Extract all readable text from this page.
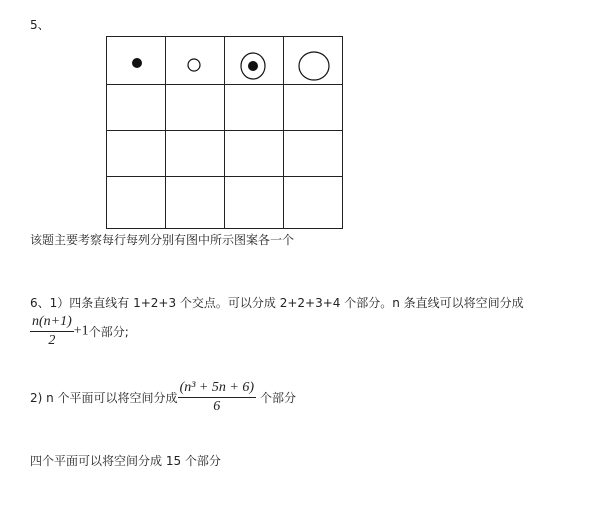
5、

该题主要考察每行每列分别有图中所示图案各一个
6、1）四条直线有 1+2+3 个交点。可以分成 2+2+3+4 个部分。n 条直线可以将空间分成
$\frac{n(n+1)}{2} +1$个部分;
2) n 个平面可以将空间分成 $\frac{\text{(n³ + 5n + 6)}}{6}$ 个部分
四个平面可以将空间分成 15 个部分
